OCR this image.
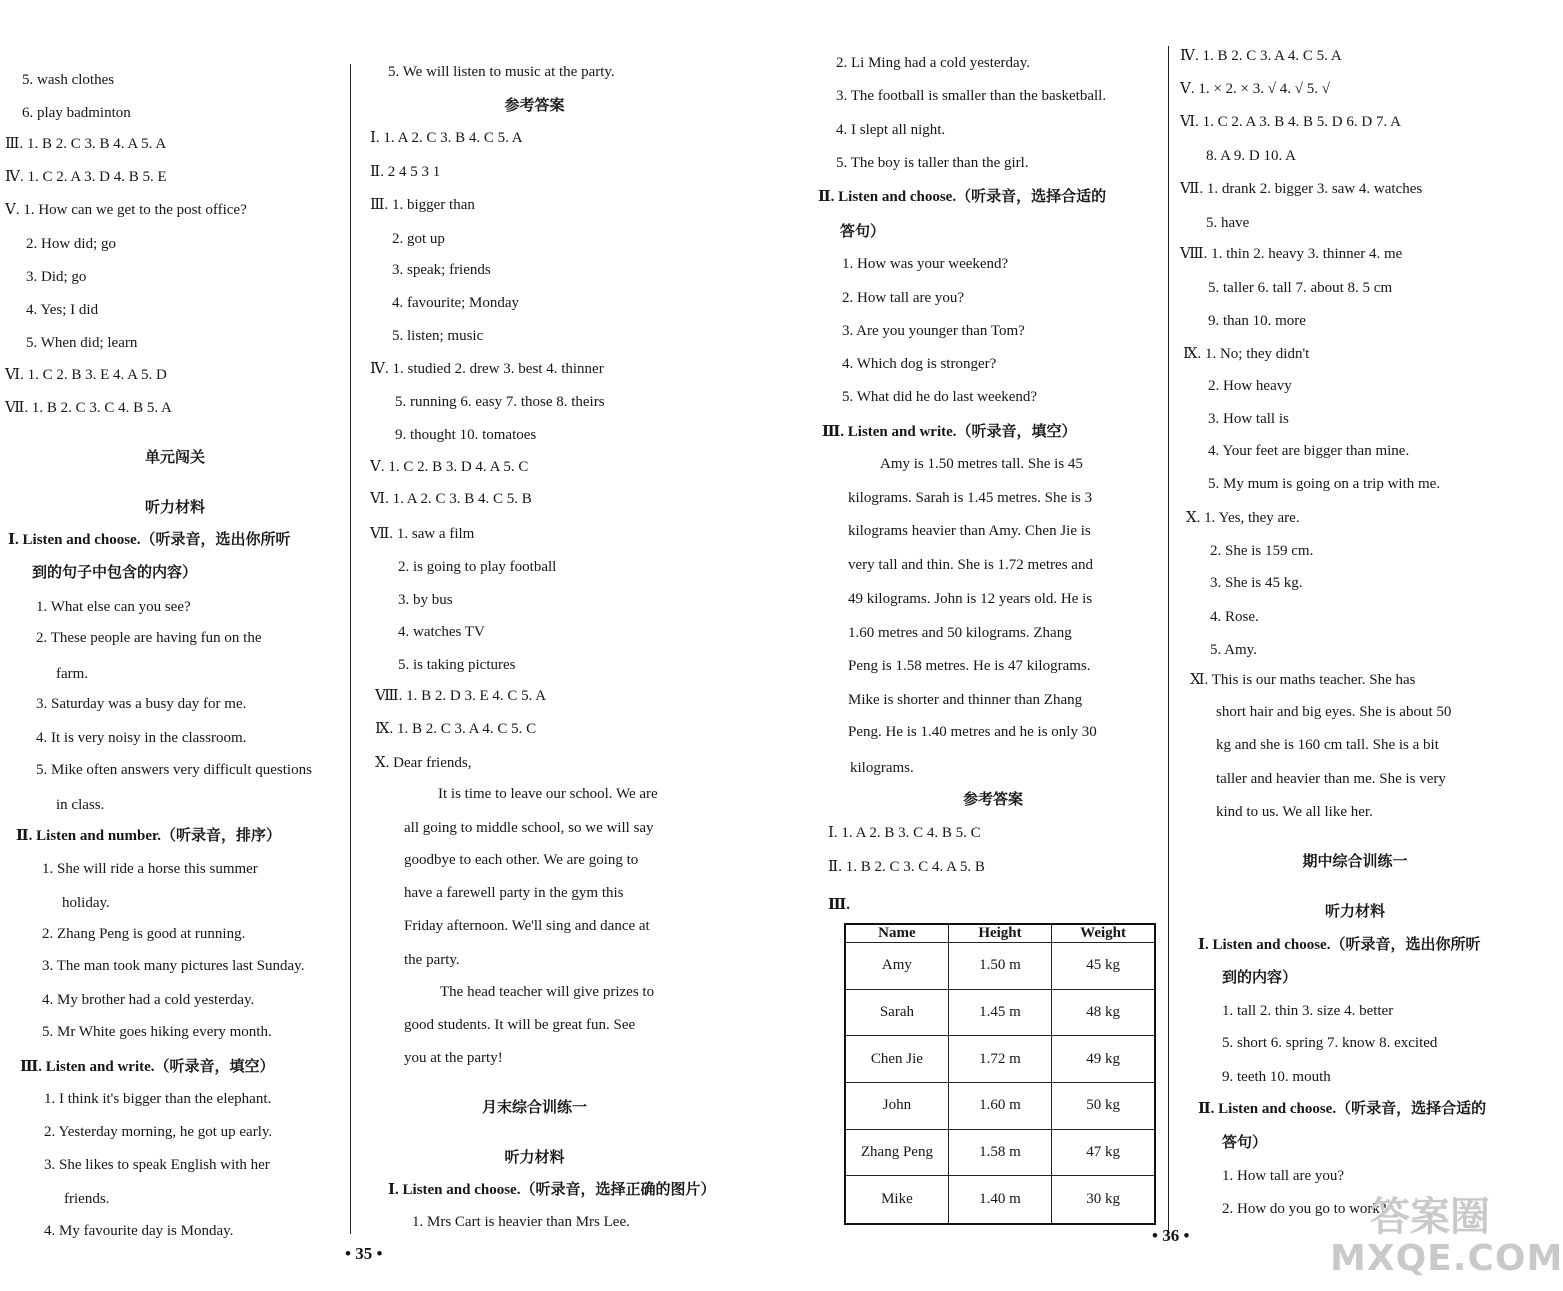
5. wash clothes
6. play badminton
Ⅲ. 1. B 2. C 3. B 4. A 5. A
Ⅳ. 1. C 2. A 3. D 4. B 5. E
Ⅴ. 1. How can we get to the post office?
2. How did; go
3. Did; go
4. Yes; I did
5. When did; learn
Ⅵ. 1. C 2. B 3. E 4. A 5. D
Ⅶ. 1. B 2. C 3. C 4. B 5. A
单元闯关
听力材料
Ⅰ. Listen and choose.（听录音，选出你所听
到的句子中包含的内容）
1. What else can you see?
2. These people are having fun on the
farm.
3. Saturday was a busy day for me.
4. It is very noisy in the classroom.
5. Mike often answers very difficult questions
in class.
Ⅱ. Listen and number.（听录音，排序）
1. She will ride a horse this summer
holiday.
2. Zhang Peng is good at running.
3. The man took many pictures last Sunday.
4. My brother had a cold yesterday.
5. Mr White goes hiking every month.
Ⅲ. Listen and write.（听录音，填空）
1. I think it's bigger than the elephant.
2. Yesterday morning, he got up early.
3. She likes to speak English with her
friends.
4. My favourite day is Monday.
5. We will listen to music at the party.
参考答案
Ⅰ. 1. A 2. C 3. B 4. C 5. A
Ⅱ. 2 4 5 3 1
Ⅲ. 1. bigger than
2. got up
3. speak; friends
4. favourite; Monday
5. listen; music
Ⅳ. 1. studied 2. drew 3. best 4. thinner
5. running 6. easy 7. those 8. theirs
9. thought 10. tomatoes
Ⅴ. 1. C 2. B 3. D 4. A 5. C
Ⅵ. 1. A 2. C 3. B 4. C 5. B
Ⅶ. 1. saw a film
2. is going to play football
3. by bus
4. watches TV
5. is taking pictures
Ⅷ. 1. B 2. D 3. E 4. C 5. A
Ⅸ. 1. B 2. C 3. A 4. C 5. C
Ⅹ. Dear friends,
It is time to leave our school. We are
all going to middle school, so we will say
goodbye to each other. We are going to
have a farewell party in the gym this
Friday afternoon. We'll sing and dance at
the party.
The head teacher will give prizes to
good students. It will be great fun. See
you at the party!
月末综合训练一
听力材料
Ⅰ. Listen and choose.（听录音，选择正确的图片）
1. Mrs Cart is heavier than Mrs Lee.
• 35 •
2. Li Ming had a cold yesterday.
3. The football is smaller than the basketball.
4. I slept all night.
5. The boy is taller than the girl.
Ⅱ. Listen and choose.（听录音，选择合适的
答句）
1. How was your weekend?
2. How tall are you?
3. Are you younger than Tom?
4. Which dog is stronger?
5. What did he do last weekend?
Ⅲ. Listen and write.（听录音，填空）
Amy is 1.50 metres tall. She is 45
kilograms. Sarah is 1.45 metres. She is 3
kilograms heavier than Amy. Chen Jie is
very tall and thin. She is 1.72 metres and
49 kilograms. John is 12 years old. He is
1.60 metres and 50 kilograms. Zhang
Peng is 1.58 metres. He is 47 kilograms.
Mike is shorter and thinner than Zhang
Peng. He is 1.40 metres and he is only 30
kilograms.
参考答案
Ⅰ. 1. A 2. B 3. C 4. B 5. C
Ⅱ. 1. B 2. C 3. C 4. A 5. B
Ⅲ.
Name	Height	Weight
Amy	1.50 m	45 kg
Sarah	1.45 m	48 kg
Chen Jie	1.72 m	49 kg
John	1.60 m	50 kg
Zhang Peng	1.58 m	47 kg
Mike	1.40 m	30 kg
Ⅳ. 1. B 2. C 3. A 4. C 5. A
Ⅴ. 1. × 2. × 3. √ 4. √ 5. √
Ⅵ. 1. C 2. A 3. B 4. B 5. D 6. D 7. A
8. A 9. D 10. A
Ⅶ. 1. drank 2. bigger 3. saw 4. watches
5. have
Ⅷ. 1. thin 2. heavy 3. thinner 4. me
5. taller 6. tall 7. about 8. 5 cm
9. than 10. more
Ⅸ. 1. No; they didn't
2. How heavy
3. How tall is
4. Your feet are bigger than mine.
5. My mum is going on a trip with me.
Ⅹ. 1. Yes, they are.
2. She is 159 cm.
3. She is 45 kg.
4. Rose.
5. Amy.
Ⅺ. This is our maths teacher. She has
short hair and big eyes. She is about 50
kg and she is 160 cm tall. She is a bit
taller and heavier than me. She is very
kind to us. We all like her.
期中综合训练一
听力材料
Ⅰ. Listen and choose.（听录音，选出你所听
到的内容）
1. tall 2. thin 3. size 4. better
5. short 6. spring 7. know 8. excited
9. teeth 10. mouth
Ⅱ. Listen and choose.（听录音，选择合适的
答句）
1. How tall are you?
2. How do you go to work?
• 36 •	答案圈
MXQE.COM
